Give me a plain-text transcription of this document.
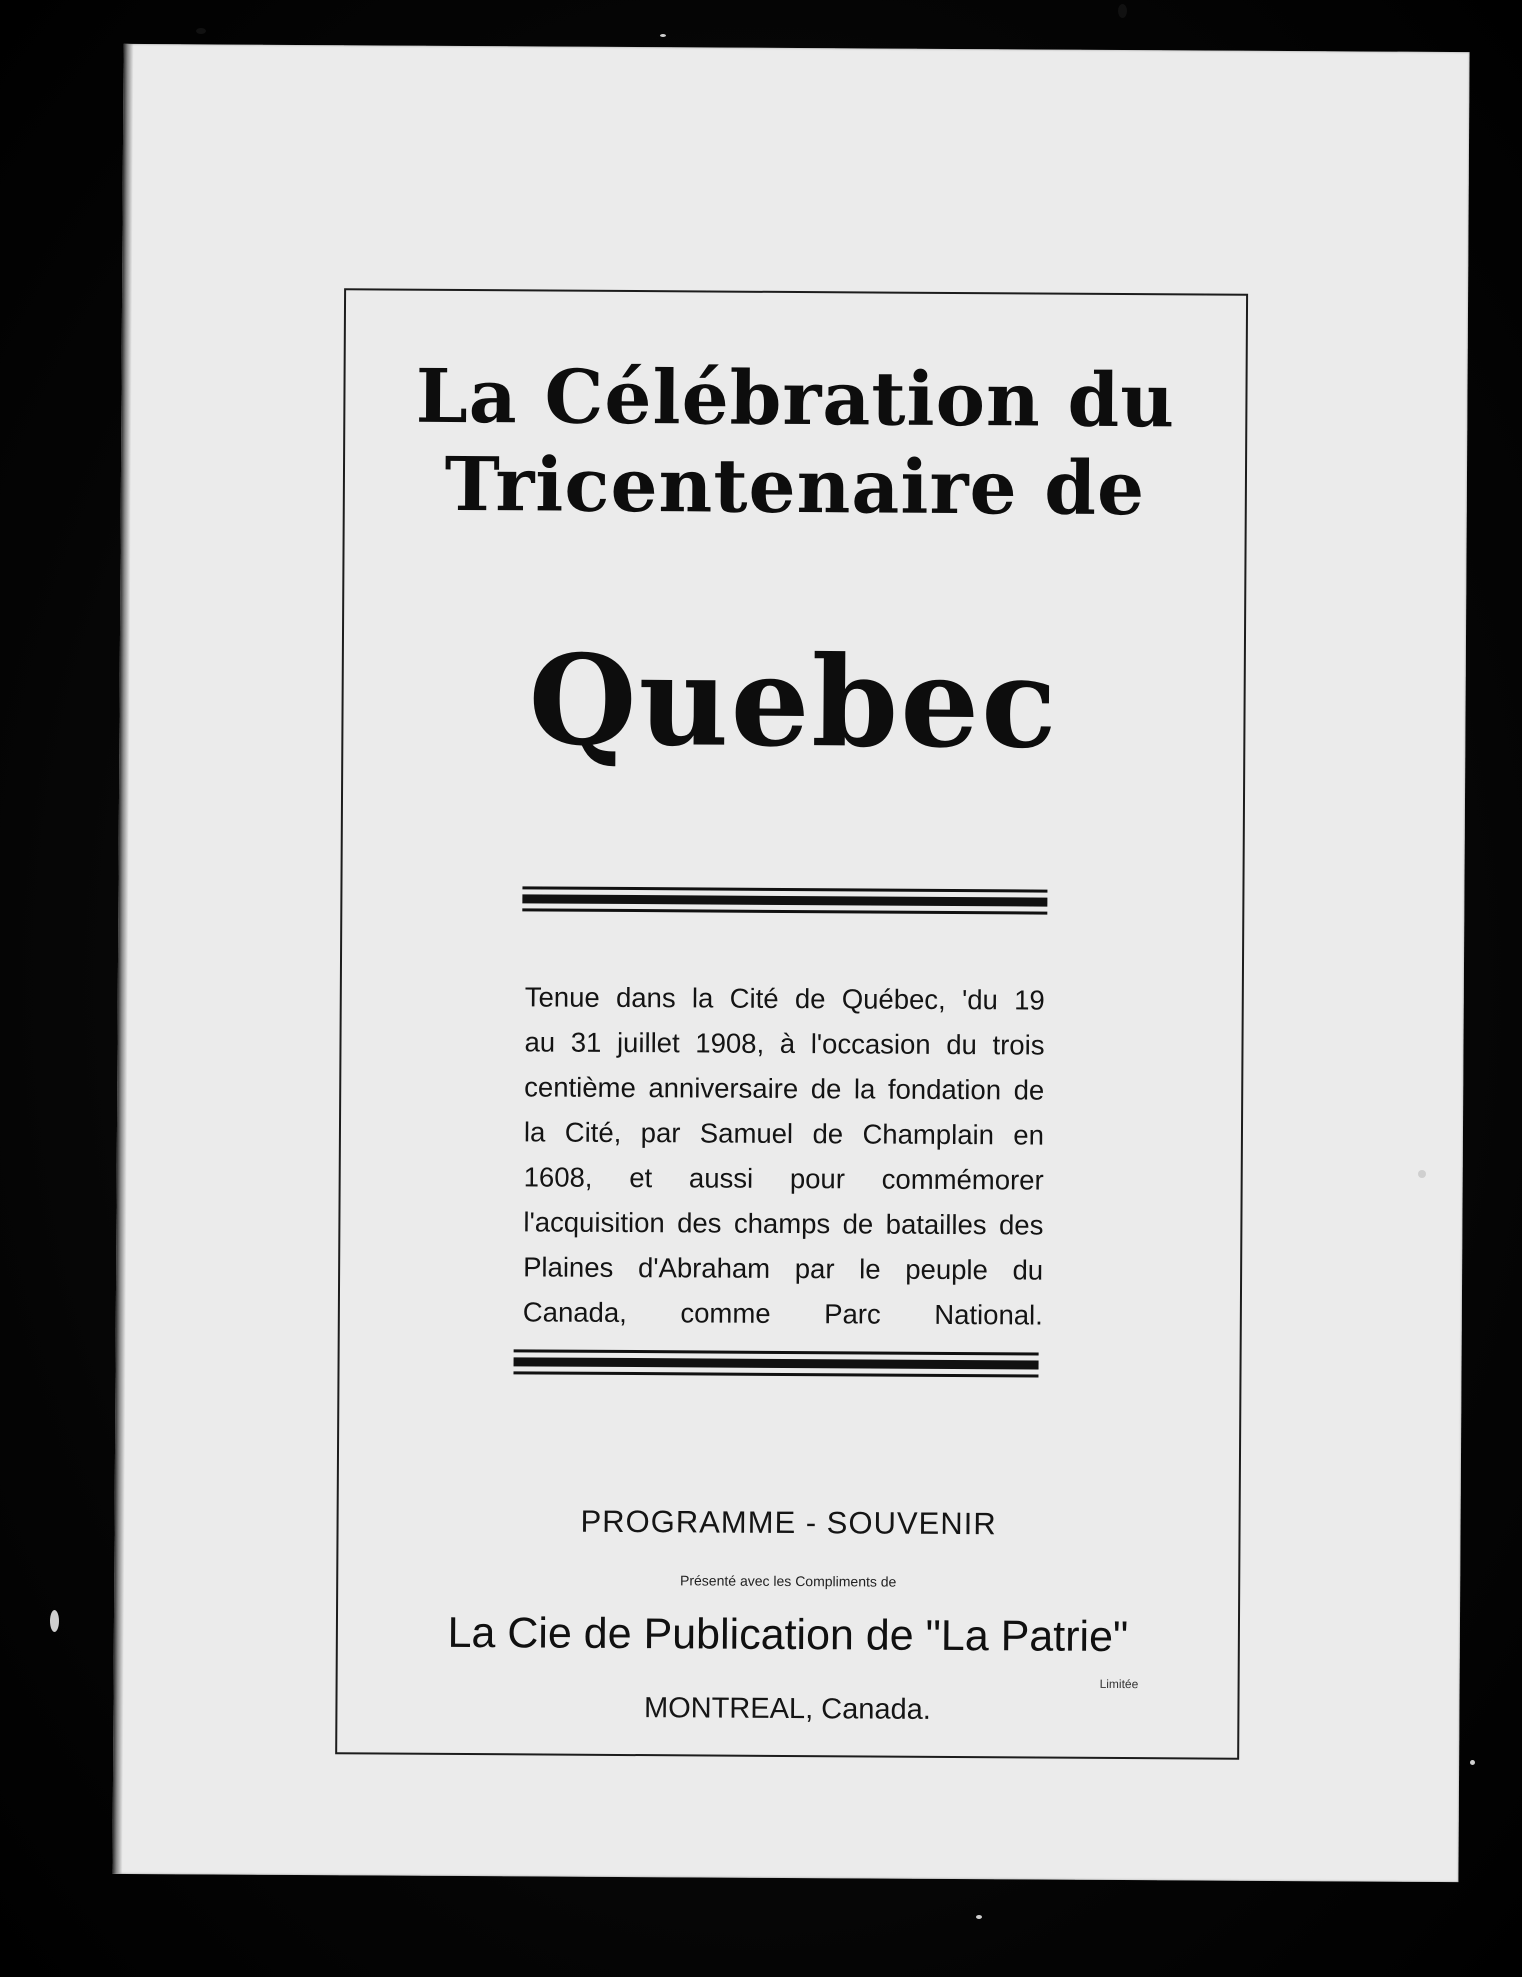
La Célébration du
Tricentenaire de
Quebec
Tenue dans la Cité de Québec, 'du 19
au 31 juillet 1908, à l'occasion du trois
centième anniversaire de la fondation de
la Cité, par Samuel de Champlain en
1608, et aussi pour commémorer
l'acquisition des champs de batailles des
Plaines d'Abraham par le peuple du
Canada, comme Parc National.
PROGRAMME - SOUVENIR
Présenté avec les Compliments de
La Cie de Publication de "La Patrie"
Limitée
MONTREAL, Canada.
